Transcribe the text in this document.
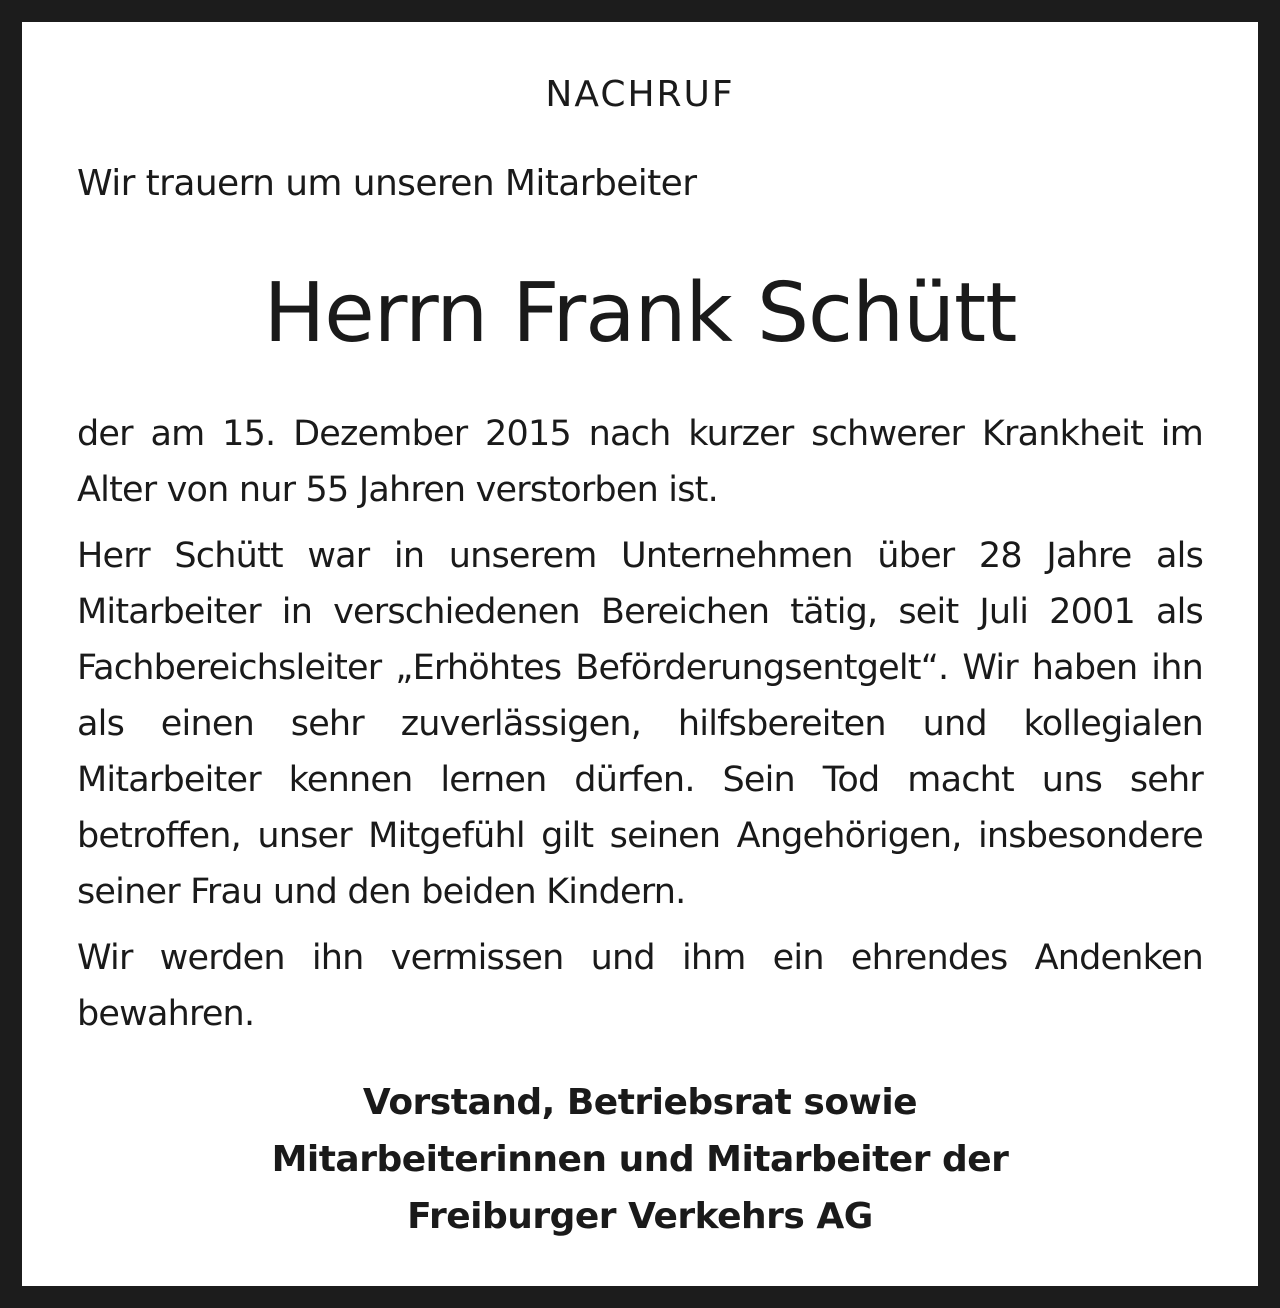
NACHRUF

Wir trauern um unseren Mitarbeiter

Herrn Frank Schütt

der am 15. Dezember 2015 nach kurzer schwerer Krankheit im Alter von nur 55 Jahren verstorben ist.

Herr Schütt war in unserem Unternehmen über 28 Jahre als Mitarbeiter in verschiedenen Bereichen tätig, seit Juli 2001 als Fachbereichsleiter „Erhöhtes Beförderungsentgelt“. Wir haben ihn als einen sehr zuverlässigen, hilfsbereiten und kollegialen Mitarbeiter kennen lernen dürfen. Sein Tod macht uns sehr betroffen, unser Mitgefühl gilt seinen Angehörigen, insbesondere seiner Frau und den beiden Kindern.

Wir werden ihn vermissen und ihm ein ehrendes Andenken bewahren.

Vorstand, Betriebsrat sowie
Mitarbeiterinnen und Mitarbeiter der
Freiburger Verkehrs AG
